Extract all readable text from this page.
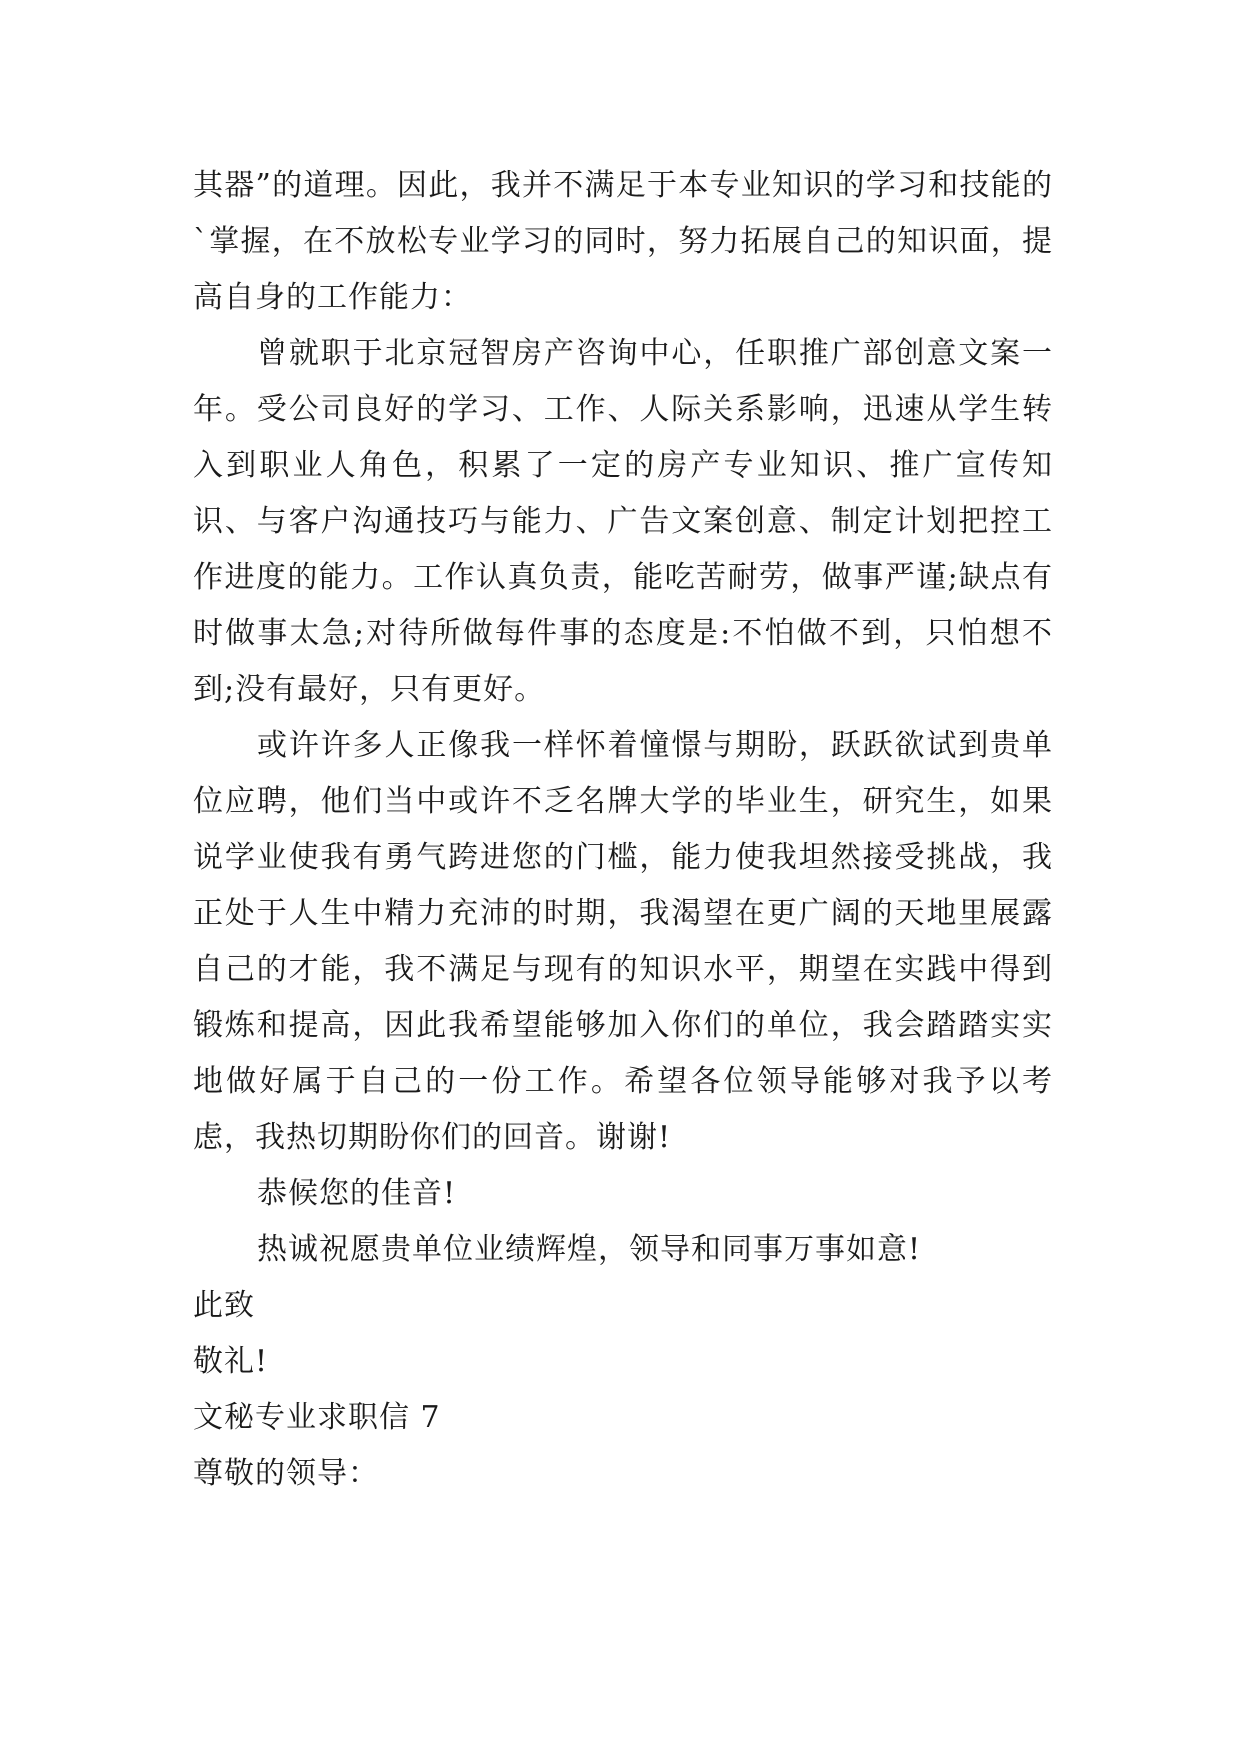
其器”的道理。因此，我并不满足于本专业知识的学习和技能的`掌握，在不放松专业学习的同时，努力拓展自己的知识面，提高自身的工作能力：

曾就职于北京冠智房产咨询中心，任职推广部创意文案一年。受公司良好的学习、工作、人际关系影响，迅速从学生转入到职业人角色，积累了一定的房产专业知识、推广宣传知识、与客户沟通技巧与能力、广告文案创意、制定计划把控工作进度的能力。工作认真负责，能吃苦耐劳，做事严谨;缺点有时做事太急;对待所做每件事的态度是:不怕做不到，只怕想不到;没有最好，只有更好。

或许许多人正像我一样怀着憧憬与期盼，跃跃欲试到贵单位应聘，他们当中或许不乏名牌大学的毕业生，研究生，如果说学业使我有勇气跨进您的门槛，能力使我坦然接受挑战，我正处于人生中精力充沛的时期，我渴望在更广阔的天地里展露自己的才能，我不满足与现有的知识水平，期望在实践中得到锻炼和提高，因此我希望能够加入你们的单位，我会踏踏实实地做好属于自己的一份工作。希望各位领导能够对我予以考虑，我热切期盼你们的回音。谢谢!

恭候您的佳音!

热诚祝愿贵单位业绩辉煌，领导和同事万事如意!

此致

敬礼!

文秘专业求职信 7

尊敬的领导：
